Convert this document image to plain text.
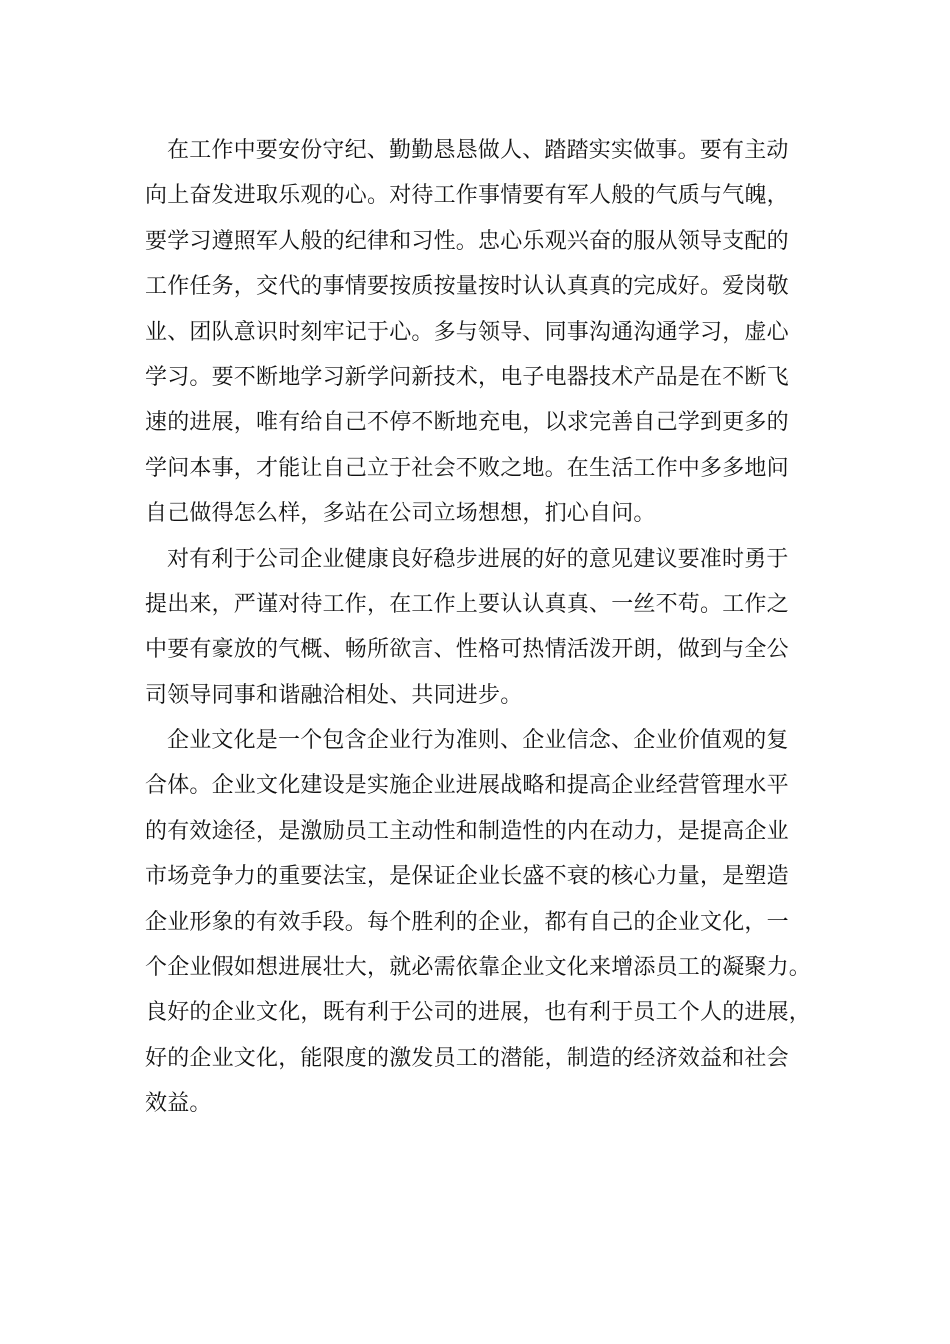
在工作中要安份守纪、勤勤恳恳做人、踏踏实实做事。要有主动
向上奋发进取乐观的心。对待工作事情要有军人般的气质与气魄，
要学习遵照军人般的纪律和习性。忠心乐观兴奋的服从领导支配的
工作任务，交代的事情要按质按量按时认认真真的完成好。爱岗敬
业、团队意识时刻牢记于心。多与领导、同事沟通沟通学习，虚心
学习。要不断地学习新学问新技术，电子电器技术产品是在不断飞
速的进展，唯有给自己不停不断地充电，以求完善自己学到更多的
学问本事，才能让自己立于社会不败之地。在生活工作中多多地问
自己做得怎么样，多站在公司立场想想，扪心自问。

对有利于公司企业健康良好稳步进展的好的意见建议要准时勇于
提出来，严谨对待工作，在工作上要认认真真、一丝不苟。工作之
中要有豪放的气概、畅所欲言、性格可热情活泼开朗，做到与全公
司领导同事和谐融洽相处、共同进步。

企业文化是一个包含企业行为准则、企业信念、企业价值观的复
合体。企业文化建设是实施企业进展战略和提高企业经营管理水平
的有效途径，是激励员工主动性和制造性的内在动力，是提高企业
市场竞争力的重要法宝，是保证企业长盛不衰的核心力量，是塑造
企业形象的有效手段。每个胜利的企业，都有自己的企业文化，一
个企业假如想进展壮大，就必需依靠企业文化来增添员工的凝聚力。
良好的企业文化，既有利于公司的进展，也有利于员工个人的进展，
好的企业文化，能限度的激发员工的潜能，制造的经济效益和社会
效益。
